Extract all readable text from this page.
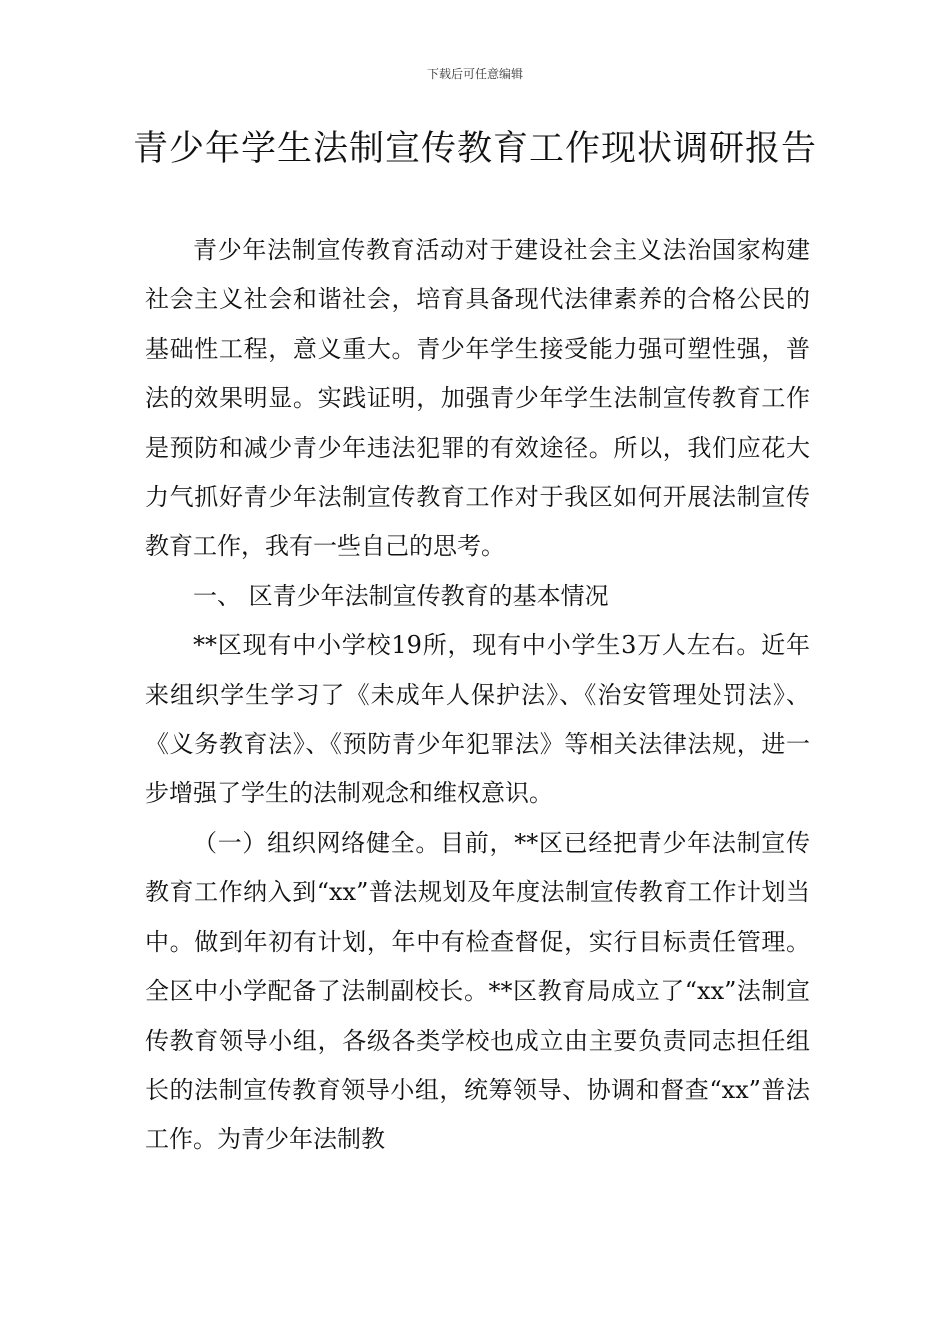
下载后可任意编辑
青少年学生法制宣传教育工作现状调研报告

青少年法制宣传教育活动对于建设社会主义法治国家构建社会主义社会和谐社会，培育具备现代法律素养的合格公民的基础性工程，意义重大。青少年学生接受能力强可塑性强，普法的效果明显。实践证明，加强青少年学生法制宣传教育工作是预防和减少青少年违法犯罪的有效途径。所以，我们应花大力气抓好青少年法制宣传教育工作对于我区如何开展法制宣传教育工作，我有一些自己的思考。

一、 区青少年法制宣传教育的基本情况

**区现有中小学校19所，现有中小学生3万人左右。近年来组织学生学习了《未成年人保护法》、《治安管理处罚法》、《义务教育法》、《预防青少年犯罪法》等相关法律法规，进一步增强了学生的法制观念和维权意识。

（一）组织网络健全。目前，**区已经把青少年法制宣传教育工作纳入到“xx”普法规划及年度法制宣传教育工作计划当中。做到年初有计划，年中有检查督促，实行目标责任管理。全区中小学配备了法制副校长。**区教育局成立了“xx”法制宣传教育领导小组，各级各类学校也成立由主要负责同志担任组长的法制宣传教育领导小组，统筹领导、协调和督查“xx”普法工作。为青少年法制教
